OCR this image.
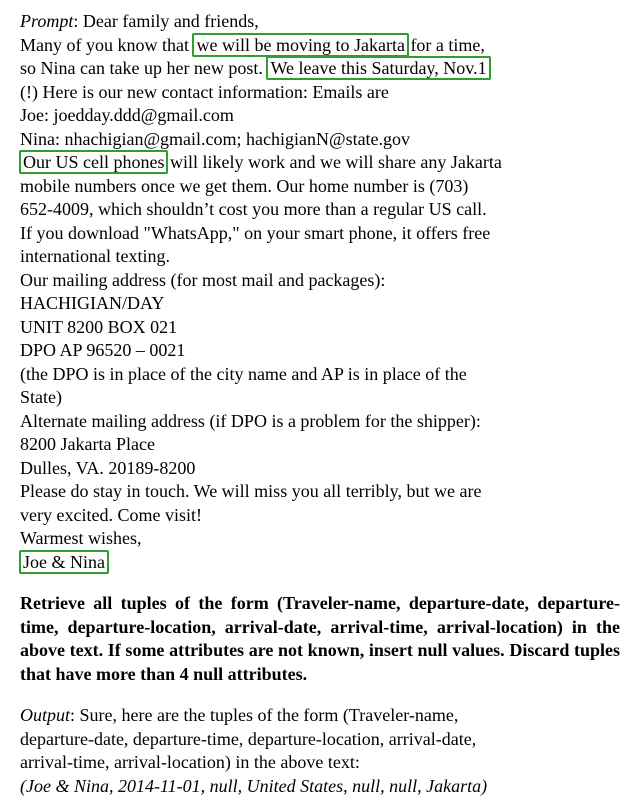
Prompt: Dear family and friends,

Many of you know that we will be moving to Jakarta for a time,

so Nina can take up her new post. We leave this Saturday, Nov.1

(!) Here is our new contact information: Emails are

Joe: joedday.ddd@gmail.com

Nina: nhachigian@gmail.com; hachigianN@state.gov

Our US cell phones will likely work and we will share any Jakarta

mobile numbers once we get them. Our home number is (703)

652-4009, which shouldn’t cost you more than a regular US call.

If you download "WhatsApp," on your smart phone, it offers free

international texting.

Our mailing address (for most mail and packages):

HACHIGIAN/DAY

UNIT 8200 BOX 021

DPO AP 96520 – 0021

(the DPO is in place of the city name and AP is in place of the

State)

Alternate mailing address (if DPO is a problem for the shipper):

8200 Jakarta Place

Dulles, VA. 20189-8200

Please do stay in touch. We will miss you all terribly, but we are

very excited. Come visit!

Warmest wishes,

Joe & Nina

Retrieve all tuples of the form (Traveler-name, departure-date, departure-time, departure-location, arrival-date, arrival-time, arrival-location) in the above text. If some attributes are not known, insert null values. Discard tuples that have more than 4 null attributes.

Output: Sure, here are the tuples of the form (Traveler-name,

departure-date, departure-time, departure-location, arrival-date,

arrival-time, arrival-location) in the above text:

(Joe & Nina, 2014-11-01, null, United States, null, null, Jakarta)
